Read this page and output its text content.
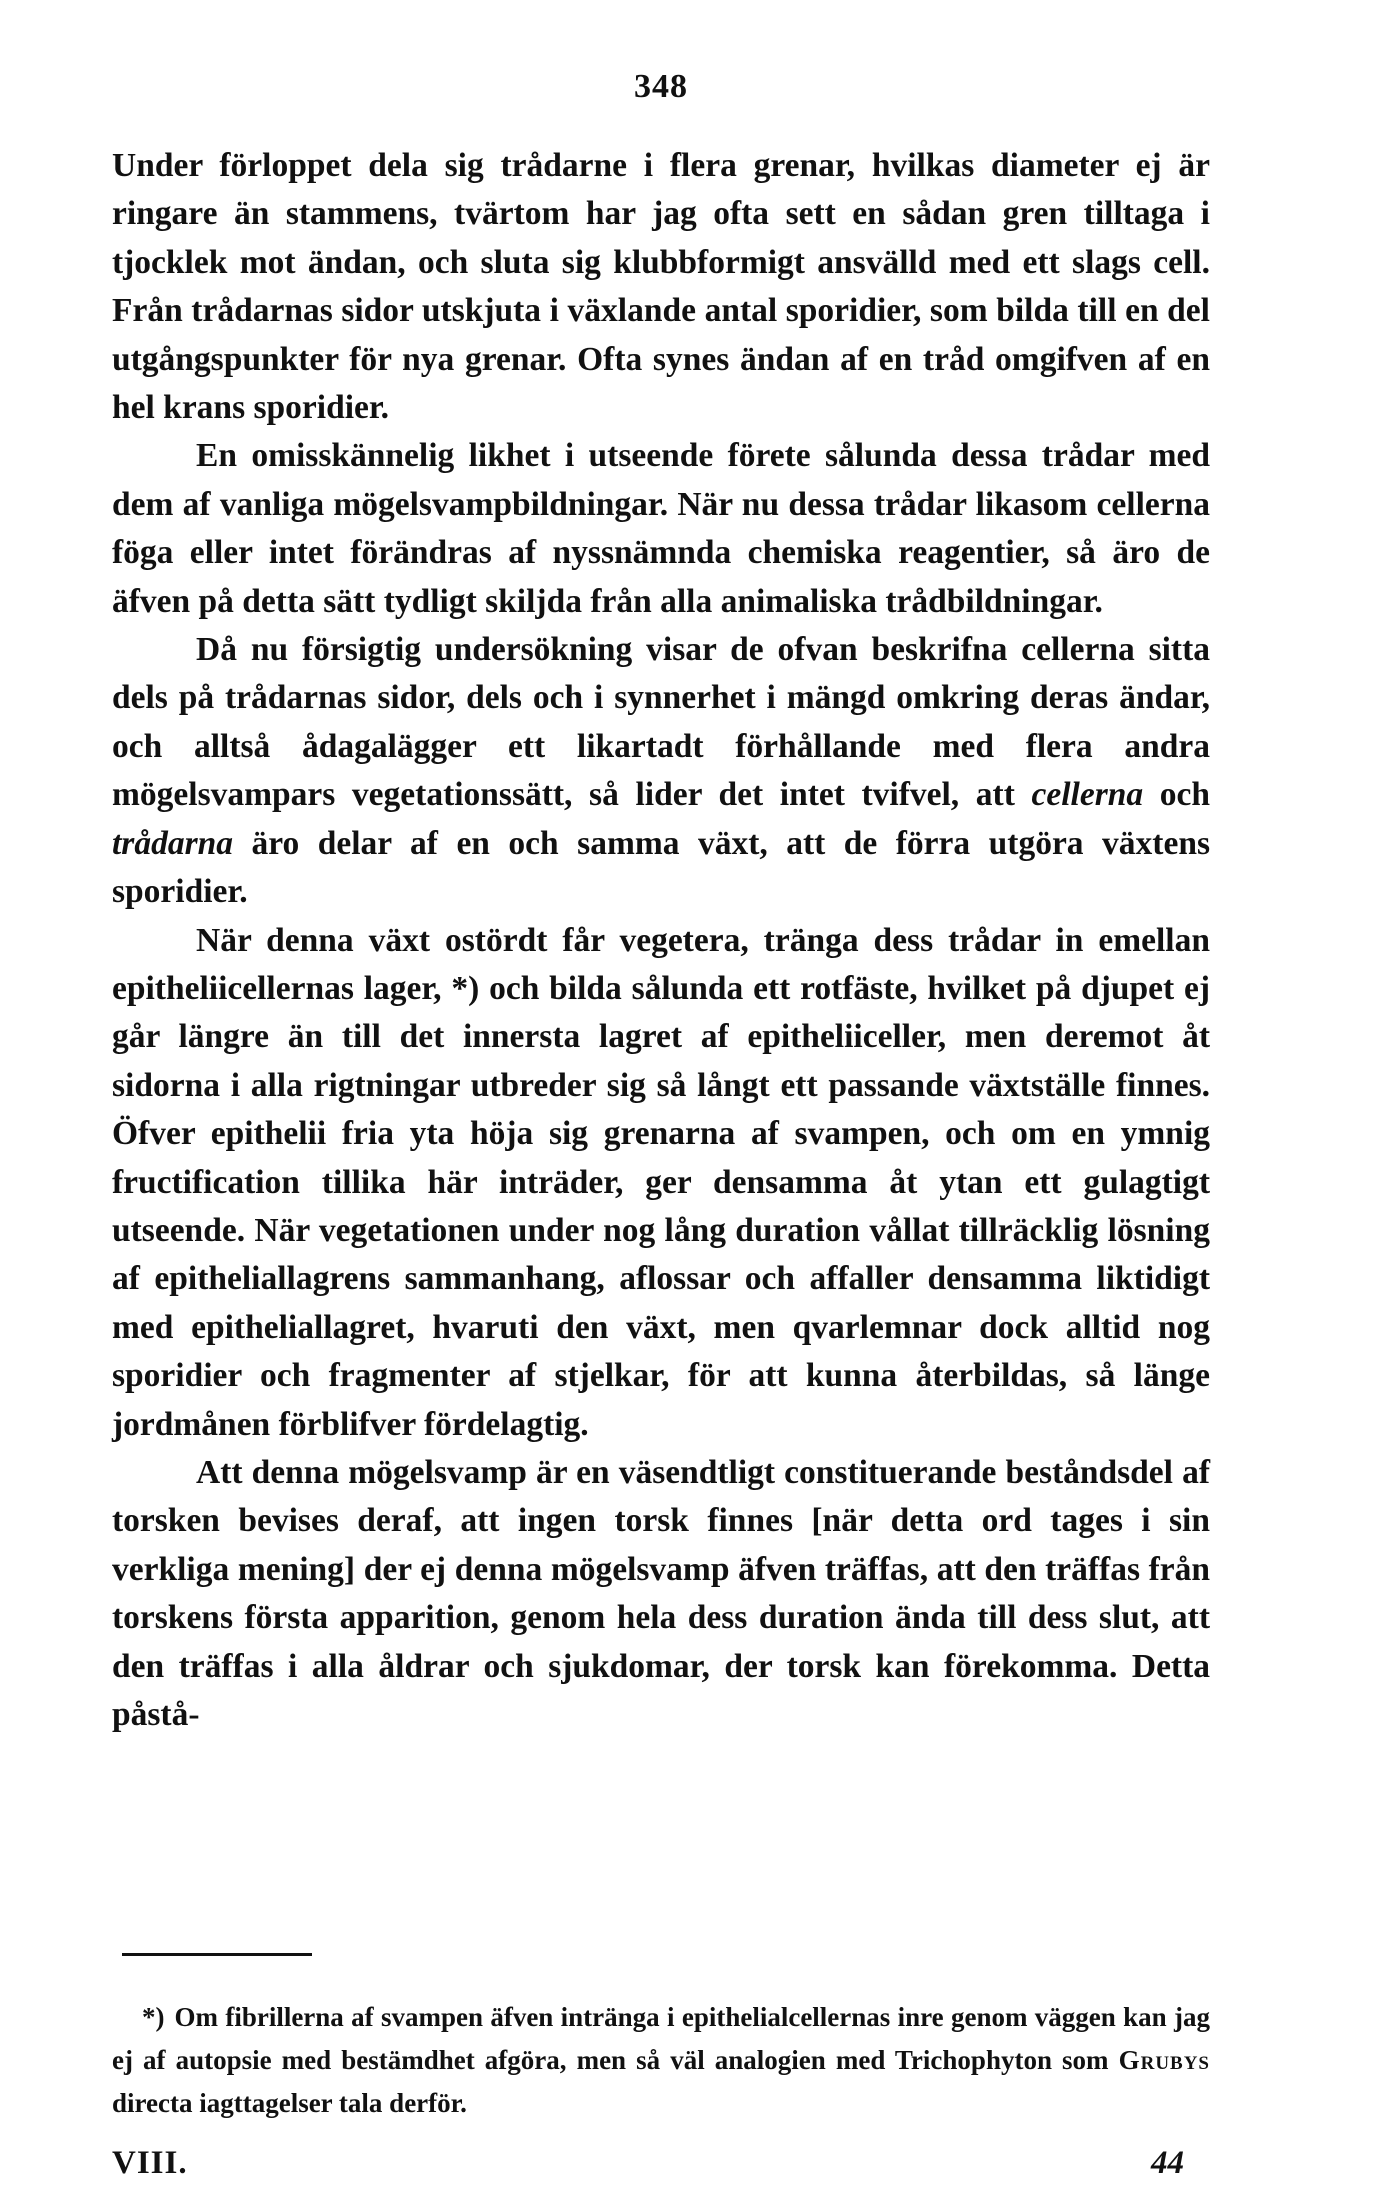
348

Under förloppet dela sig trådarne i flera grenar, hvilkas diameter ej är ringare än stammens, tvärtom har jag ofta sett en sådan gren tilltaga i tjocklek mot ändan, och sluta sig klubbformigt ansvälld med ett slags cell. Från trådarnas sidor utskjuta i växlande antal sporidier, som bilda till en del utgångspunkter för nya grenar. Ofta synes ändan af en tråd omgifven af en hel krans sporidier.

En omisskännelig likhet i utseende förete sålunda dessa trådar med dem af vanliga mögelsvampbildningar. När nu dessa trådar likasom cellerna föga eller intet förändras af nyssnämnda chemiska reagentier, så äro de äfven på detta sätt tydligt skiljda från alla animaliska trådbildningar.

Då nu försigtig undersökning visar de ofvan beskrifna cellerna sitta dels på trådarnas sidor, dels och i synnerhet i mängd omkring deras ändar, och alltså ådagalägger ett likartadt förhållande med flera andra mögelsvampars vegetationssätt, så lider det intet tvifvel, att cellerna och trådarna äro delar af en och samma växt, att de förra utgöra växtens sporidier.

När denna växt ostördt får vegetera, tränga dess trådar in emellan epitheliicellernas lager, *) och bilda sålunda ett rotfäste, hvilket på djupet ej går längre än till det innersta lagret af epitheliiceller, men deremot åt sidorna i alla rigtningar utbreder sig så långt ett passande växtställe finnes. Öfver epithelii fria yta höja sig grenarna af svampen, och om en ymnig fructification tillika här inträder, ger densamma åt ytan ett gulagtigt utseende. När vegetationen under nog lång duration vållat tillräcklig lösning af epitheliallagrens sammanhang, aflossar och affaller densamma liktidigt med epitheliallagret, hvaruti den växt, men qvarlemnar dock alltid nog sporidier och fragmenter af stjelkar, för att kunna återbildas, så länge jordmånen förblifver fördelagtig.

Att denna mögelsvamp är en väsendtligt constituerande beståndsdel af torsken bevises deraf, att ingen torsk finnes [när detta ord tages i sin verkliga mening] der ej denna mögelsvamp äfven träffas, att den träffas från torskens första apparition, genom hela dess duration ända till dess slut, att den träffas i alla åldrar och sjukdomar, der torsk kan förekomma. Detta påstå-

*) Om fibrillerna af svampen äfven intränga i epithelialcellernas inre genom väggen kan jag ej af autopsie med bestämdhet afgöra, men så väl analogien med Trichophyton som Grubys directa iagttagelser tala derför.
VIII.	44
